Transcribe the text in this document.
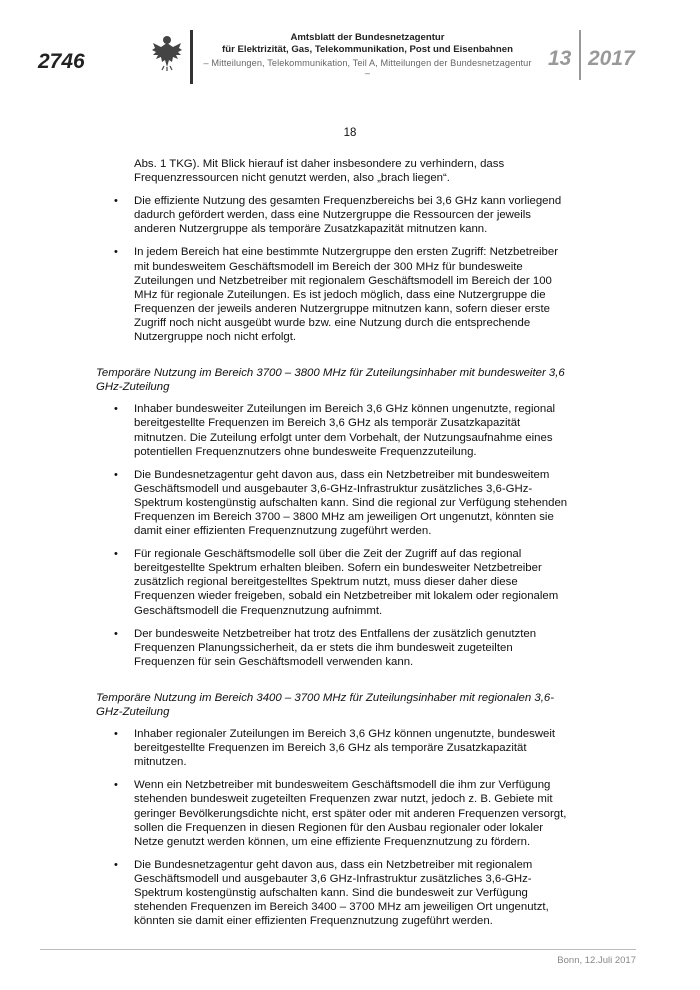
2746
Amtsblatt der Bundesnetzagentur
für Elektrizität, Gas, Telekommunikation, Post und Eisenbahnen
– Mitteilungen, Telekommunikation, Teil A, Mitteilungen der Bundesnetzagentur –
13 2017
18

Abs. 1 TKG). Mit Blick hierauf ist daher insbesondere zu verhindern, dass Frequenzressourcen nicht genutzt werden, also „brach liegen“.

• Die effiziente Nutzung des gesamten Frequenzbereichs bei 3,6 GHz kann vorliegend dadurch gefördert werden, dass eine Nutzergruppe die Ressourcen der jeweils anderen Nutzergruppe als temporäre Zusatzkapazität mitnutzen kann.

• In jedem Bereich hat eine bestimmte Nutzergruppe den ersten Zugriff: Netzbetreiber mit bundesweitem Geschäftsmodell im Bereich der 300 MHz für bundesweite Zuteilungen und Netzbetreiber mit regionalem Geschäftsmodell im Bereich der 100 MHz für regionale Zuteilungen. Es ist jedoch möglich, dass eine Nutzergruppe die Frequenzen der jeweils anderen Nutzergruppe mitnutzen kann, sofern dieser erste Zugriff noch nicht ausgeübt wurde bzw. eine Nutzung durch die entsprechende Nutzergruppe noch nicht erfolgt.

Temporäre Nutzung im Bereich 3700 – 3800 MHz für Zuteilungsinhaber mit bundesweiter 3,6 GHz-Zuteilung

• Inhaber bundesweiter Zuteilungen im Bereich 3,6 GHz können ungenutzte, regional bereitgestellte Frequenzen im Bereich 3,6 GHz als temporär Zusatzkapazität mitnutzen. Die Zuteilung erfolgt unter dem Vorbehalt, der Nutzungsaufnahme eines potentiellen Frequenznutzers ohne bundesweite Frequenzzuteilung.

• Die Bundesnetzagentur geht davon aus, dass ein Netzbetreiber mit bundesweitem Geschäftsmodell und ausgebauter 3,6-GHz-Infrastruktur zusätzliches 3,6-GHz-Spektrum kostengünstig aufschalten kann. Sind die regional zur Verfügung stehenden Frequenzen im Bereich 3700 – 3800 MHz am jeweiligen Ort ungenutzt, könnten sie damit einer effizienten Frequenznutzung zugeführt werden.

• Für regionale Geschäftsmodelle soll über die Zeit der Zugriff auf das regional bereitgestellte Spektrum erhalten bleiben. Sofern ein bundesweiter Netzbetreiber zusätzlich regional bereitgestelltes Spektrum nutzt, muss dieser daher diese Frequenzen wieder freigeben, sobald ein Netzbetreiber mit lokalem oder regionalem Geschäftsmodell die Frequenznutzung aufnimmt.

• Der bundesweite Netzbetreiber hat trotz des Entfallens der zusätzlich genutzten Frequenzen Planungssicherheit, da er stets die ihm bundesweit zugeteilten Frequenzen für sein Geschäftsmodell verwenden kann.

Temporäre Nutzung im Bereich 3400 – 3700 MHz für Zuteilungsinhaber mit regionalen 3,6-GHz-Zuteilung

• Inhaber regionaler Zuteilungen im Bereich 3,6 GHz können ungenutzte, bundesweit bereitgestellte Frequenzen im Bereich 3,6 GHz als temporäre Zusatzkapazität mitnutzen.

• Wenn ein Netzbetreiber mit bundesweitem Geschäftsmodell die ihm zur Verfügung stehenden bundesweit zugeteilten Frequenzen zwar nutzt, jedoch z. B. Gebiete mit geringer Bevölkerungsdichte nicht, erst später oder mit anderen Frequenzen versorgt, sollen die Frequenzen in diesen Regionen für den Ausbau regionaler oder lokaler Netze genutzt werden können, um eine effiziente Frequenznutzung zu fördern.

• Die Bundesnetzagentur geht davon aus, dass ein Netzbetreiber mit regionalem Geschäftsmodell und ausgebauter 3,6 GHz-Infrastruktur zusätzliches 3,6-GHz-Spektrum kostengünstig aufschalten kann. Sind die bundesweit zur Verfügung stehenden Frequenzen im Bereich 3400 – 3700 MHz am jeweiligen Ort ungenutzt, könnten sie damit einer effizienten Frequenznutzung zugeführt werden.

Bonn, 12.Juli 2017
